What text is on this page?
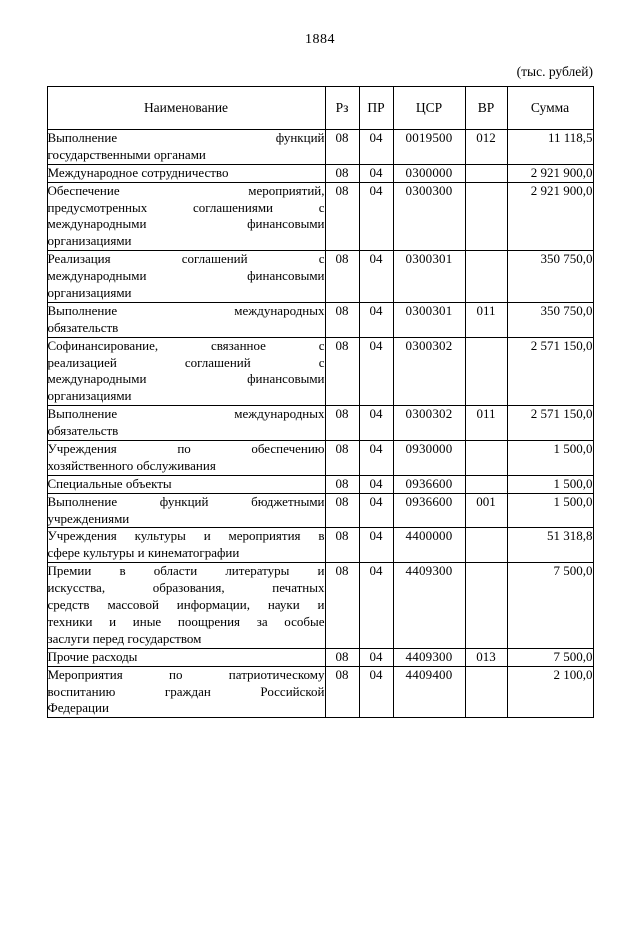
1884
(тыс. рублей)
Наименование	Рз	ПР	ЦСР	ВР	Сумма

Выполнение функций
государственными органами	08	04	0019500	012	11 118,5

Международное сотрудничество	08	04	0300000		2 921 900,0

Обеспечение мероприятий,
предусмотренных соглашениями с
международными финансовыми
организациями	08	04	0300300		2 921 900,0

Реализация соглашений с
международными финансовыми
организациями	08	04	0300301		350 750,0

Выполнение международных
обязательств	08	04	0300301	011	350 750,0

Софинансирование, связанное с
реализацией соглашений с
международными финансовыми
организациями	08	04	0300302		2 571 150,0

Выполнение международных
обязательств	08	04	0300302	011	2 571 150,0

Учреждения по обеспечению
хозяйственного обслуживания	08	04	0930000		1 500,0

Специальные объекты	08	04	0936600		1 500,0

Выполнение функций бюджетными
учреждениями	08	04	0936600	001	1 500,0

Учреждения культуры и мероприятия в
сфере культуры и кинематографии	08	04	4400000		51 318,8

Премии в области литературы и
искусства, образования, печатных
средств массовой информации, науки и
техники и иные поощрения за особые
заслуги перед государством	08	04	4409300		7 500,0

Прочие расходы	08	04	4409300	013	7 500,0

Мероприятия по патриотическому
воспитанию граждан Российской
Федерации	08	04	4409400		2 100,0
